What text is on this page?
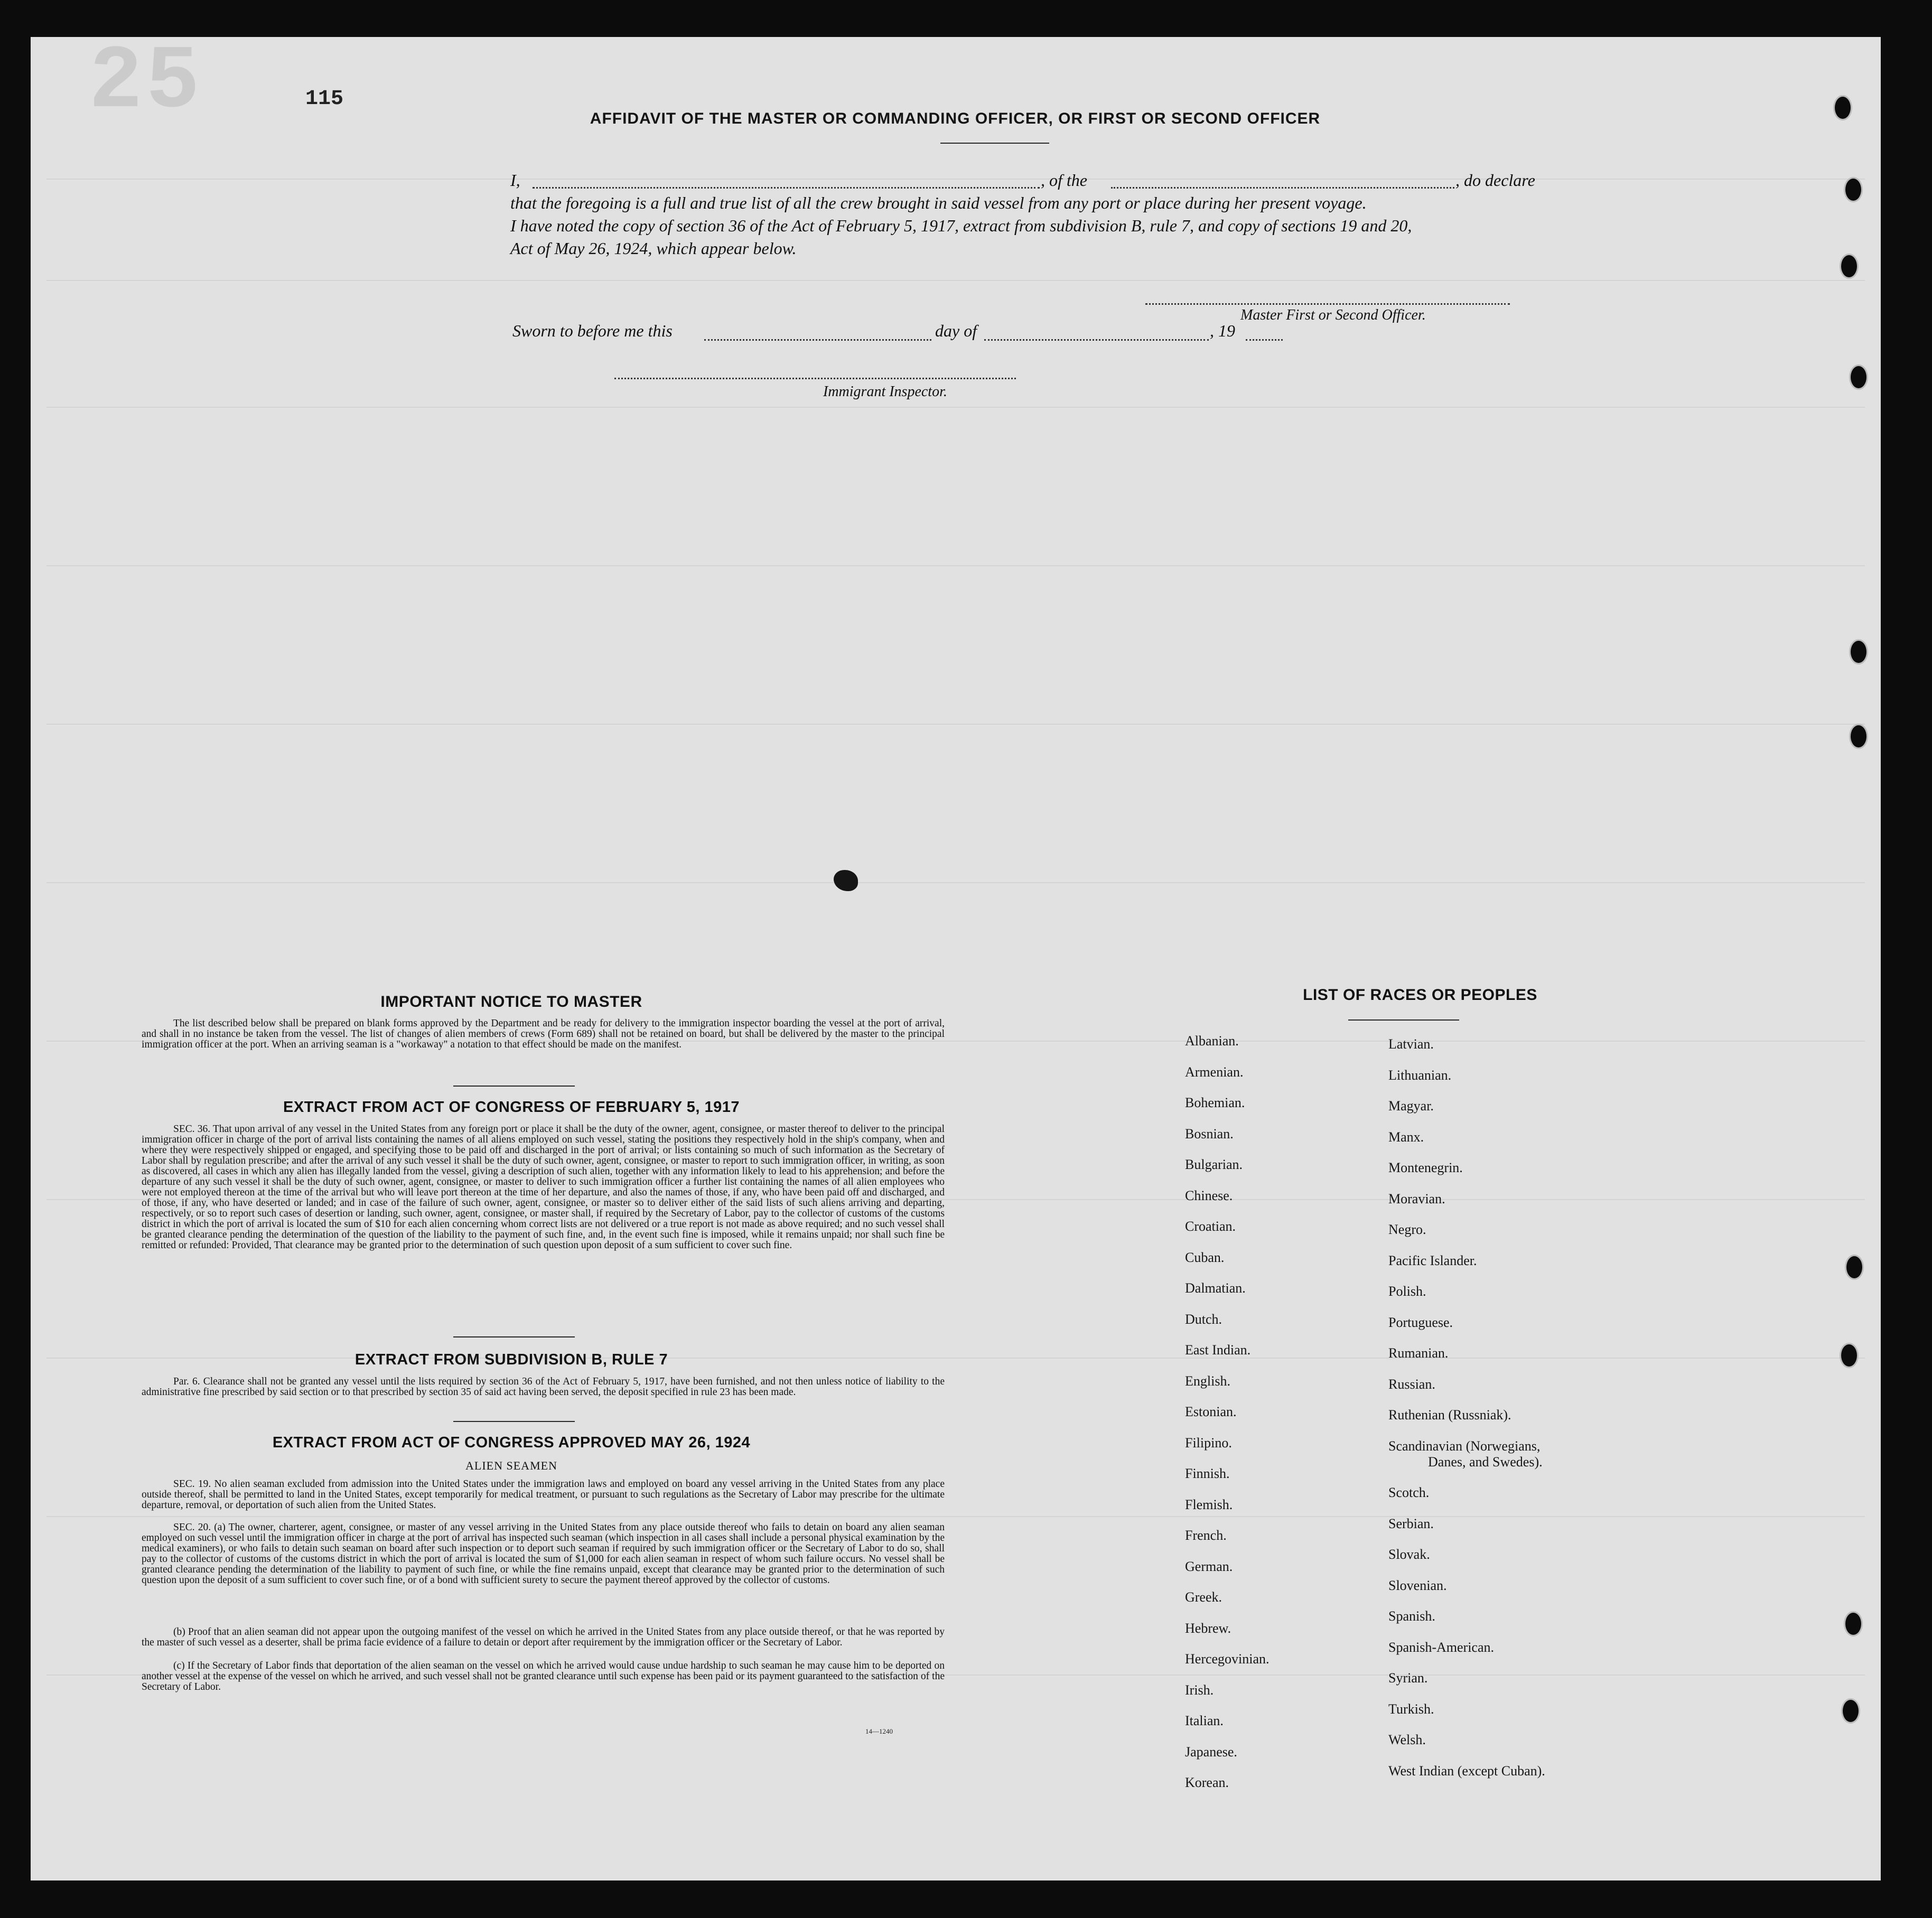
25	115
AFFIDAVIT OF THE MASTER OR COMMANDING OFFICER, OR FIRST OR SECOND OFFICER
I,	, of the	, do declare
that the foregoing is a full and true list of all the crew brought in said vessel from any port or place during her present voyage.
I have noted the copy of section 36 of the Act of February 5, 1917, extract from subdivision B, rule 7, and copy of sections 19 and 20,
Act of May 26, 1924, which appear below.
Master First or Second Officer.
Sworn to before me this	day of	, 19
Immigrant Inspector.
IMPORTANT NOTICE TO MASTER
The list described below shall be prepared on blank forms approved by the Department and be ready for delivery to the immigration inspector boarding the vessel at the port of arrival, and shall in no instance be taken from the vessel. The list of changes of alien members of crews (Form 689) shall not be retained on board, but shall be delivered by the master to the principal immigration officer at the port. When an arriving seaman is a "workaway" a notation to that effect should be made on the manifest.
EXTRACT FROM ACT OF CONGRESS OF FEBRUARY 5, 1917
SEC. 36. That upon arrival of any vessel in the United States from any foreign port or place it shall be the duty of the owner, agent, consignee, or master thereof to deliver to the principal immigration officer in charge of the port of arrival lists containing the names of all aliens employed on such vessel, stating the positions they respectively hold in the ship's company, when and where they were respectively shipped or engaged, and specifying those to be paid off and discharged in the port of arrival; or lists containing so much of such information as the Secretary of Labor shall by regulation prescribe; and after the arrival of any such vessel it shall be the duty of such owner, agent, consignee, or master to report to such immigration officer, in writing, as soon as discovered, all cases in which any alien has illegally landed from the vessel, giving a description of such alien, together with any information likely to lead to his apprehension; and before the departure of any such vessel it shall be the duty of such owner, agent, consignee, or master to deliver to such immigration officer a further list containing the names of all alien employees who were not employed thereon at the time of the arrival but who will leave port thereon at the time of her departure, and also the names of those, if any, who have been paid off and discharged, and of those, if any, who have deserted or landed; and in case of the failure of such owner, agent, consignee, or master so to deliver either of the said lists of such aliens arriving and departing, respectively, or so to report such cases of desertion or landing, such owner, agent, consignee, or master shall, if required by the Secretary of Labor, pay to the collector of customs of the customs district in which the port of arrival is located the sum of $10 for each alien concerning whom correct lists are not delivered or a true report is not made as above required; and no such vessel shall be granted clearance pending the determination of the question of the liability to the payment of such fine, and, in the event such fine is imposed, while it remains unpaid; nor shall such fine be remitted or refunded: Provided, That clearance may be granted prior to the determination of such question upon deposit of a sum sufficient to cover such fine.
EXTRACT FROM SUBDIVISION B, RULE 7
Par. 6. Clearance shall not be granted any vessel until the lists required by section 36 of the Act of February 5, 1917, have been furnished, and not then unless notice of liability to the administrative fine prescribed by said section or to that prescribed by section 35 of said act having been served, the deposit specified in rule 23 has been made.
EXTRACT FROM ACT OF CONGRESS APPROVED MAY 26, 1924
ALIEN SEAMEN
SEC. 19. No alien seaman excluded from admission into the United States under the immigration laws and employed on board any vessel arriving in the United States from any place outside thereof, shall be permitted to land in the United States, except temporarily for medical treatment, or pursuant to such regulations as the Secretary of Labor may prescribe for the ultimate departure, removal, or deportation of such alien from the United States.
SEC. 20. (a) The owner, charterer, agent, consignee, or master of any vessel arriving in the United States from any place outside thereof who fails to detain on board any alien seaman employed on such vessel until the immigration officer in charge at the port of arrival has inspected such seaman (which inspection in all cases shall include a personal physical examination by the medical examiners), or who fails to detain such seaman on board after such inspection or to deport such seaman if required by such immigration officer or the Secretary of Labor to do so, shall pay to the collector of customs of the customs district in which the port of arrival is located the sum of $1,000 for each alien seaman in respect of whom such failure occurs. No vessel shall be granted clearance pending the determination of the liability to payment of such fine, or while the fine remains unpaid, except that clearance may be granted prior to the determination of such question upon the deposit of a sum sufficient to cover such fine, or of a bond with sufficient surety to secure the payment thereof approved by the collector of customs.
(b) Proof that an alien seaman did not appear upon the outgoing manifest of the vessel on which he arrived in the United States from any place outside thereof, or that he was reported by the master of such vessel as a deserter, shall be prima facie evidence of a failure to detain or deport after requirement by the immigration officer or the Secretary of Labor.
(c) If the Secretary of Labor finds that deportation of the alien seaman on the vessel on which he arrived would cause undue hardship to such seaman he may cause him to be deported on another vessel at the expense of the vessel on which he arrived, and such vessel shall not be granted clearance until such expense has been paid or its payment guaranteed to the satisfaction of the Secretary of Labor.
14—1240
LIST OF RACES OR PEOPLES
Danes, and Swedes).
Albanian.
Armenian.
Bohemian.
Bosnian.
Bulgarian.
Chinese.
Croatian.
Cuban.
Dalmatian.
Dutch.
East Indian.
English.
Estonian.
Filipino.
Finnish.
Flemish.
French.
German.
Greek.
Hebrew.
Hercegovinian.
Irish.
Italian.
Japanese.
Korean.
Latvian.
Lithuanian.
Magyar.
Manx.
Montenegrin.
Moravian.
Negro.
Pacific Islander.
Polish.
Portuguese.
Rumanian.
Russian.
Ruthenian (Russniak).
Scandinavian (Norwegians,
Scotch.
Serbian.
Slovak.
Slovenian.
Spanish.
Spanish-American.
Syrian.
Turkish.
Welsh.
West Indian (except Cuban).
